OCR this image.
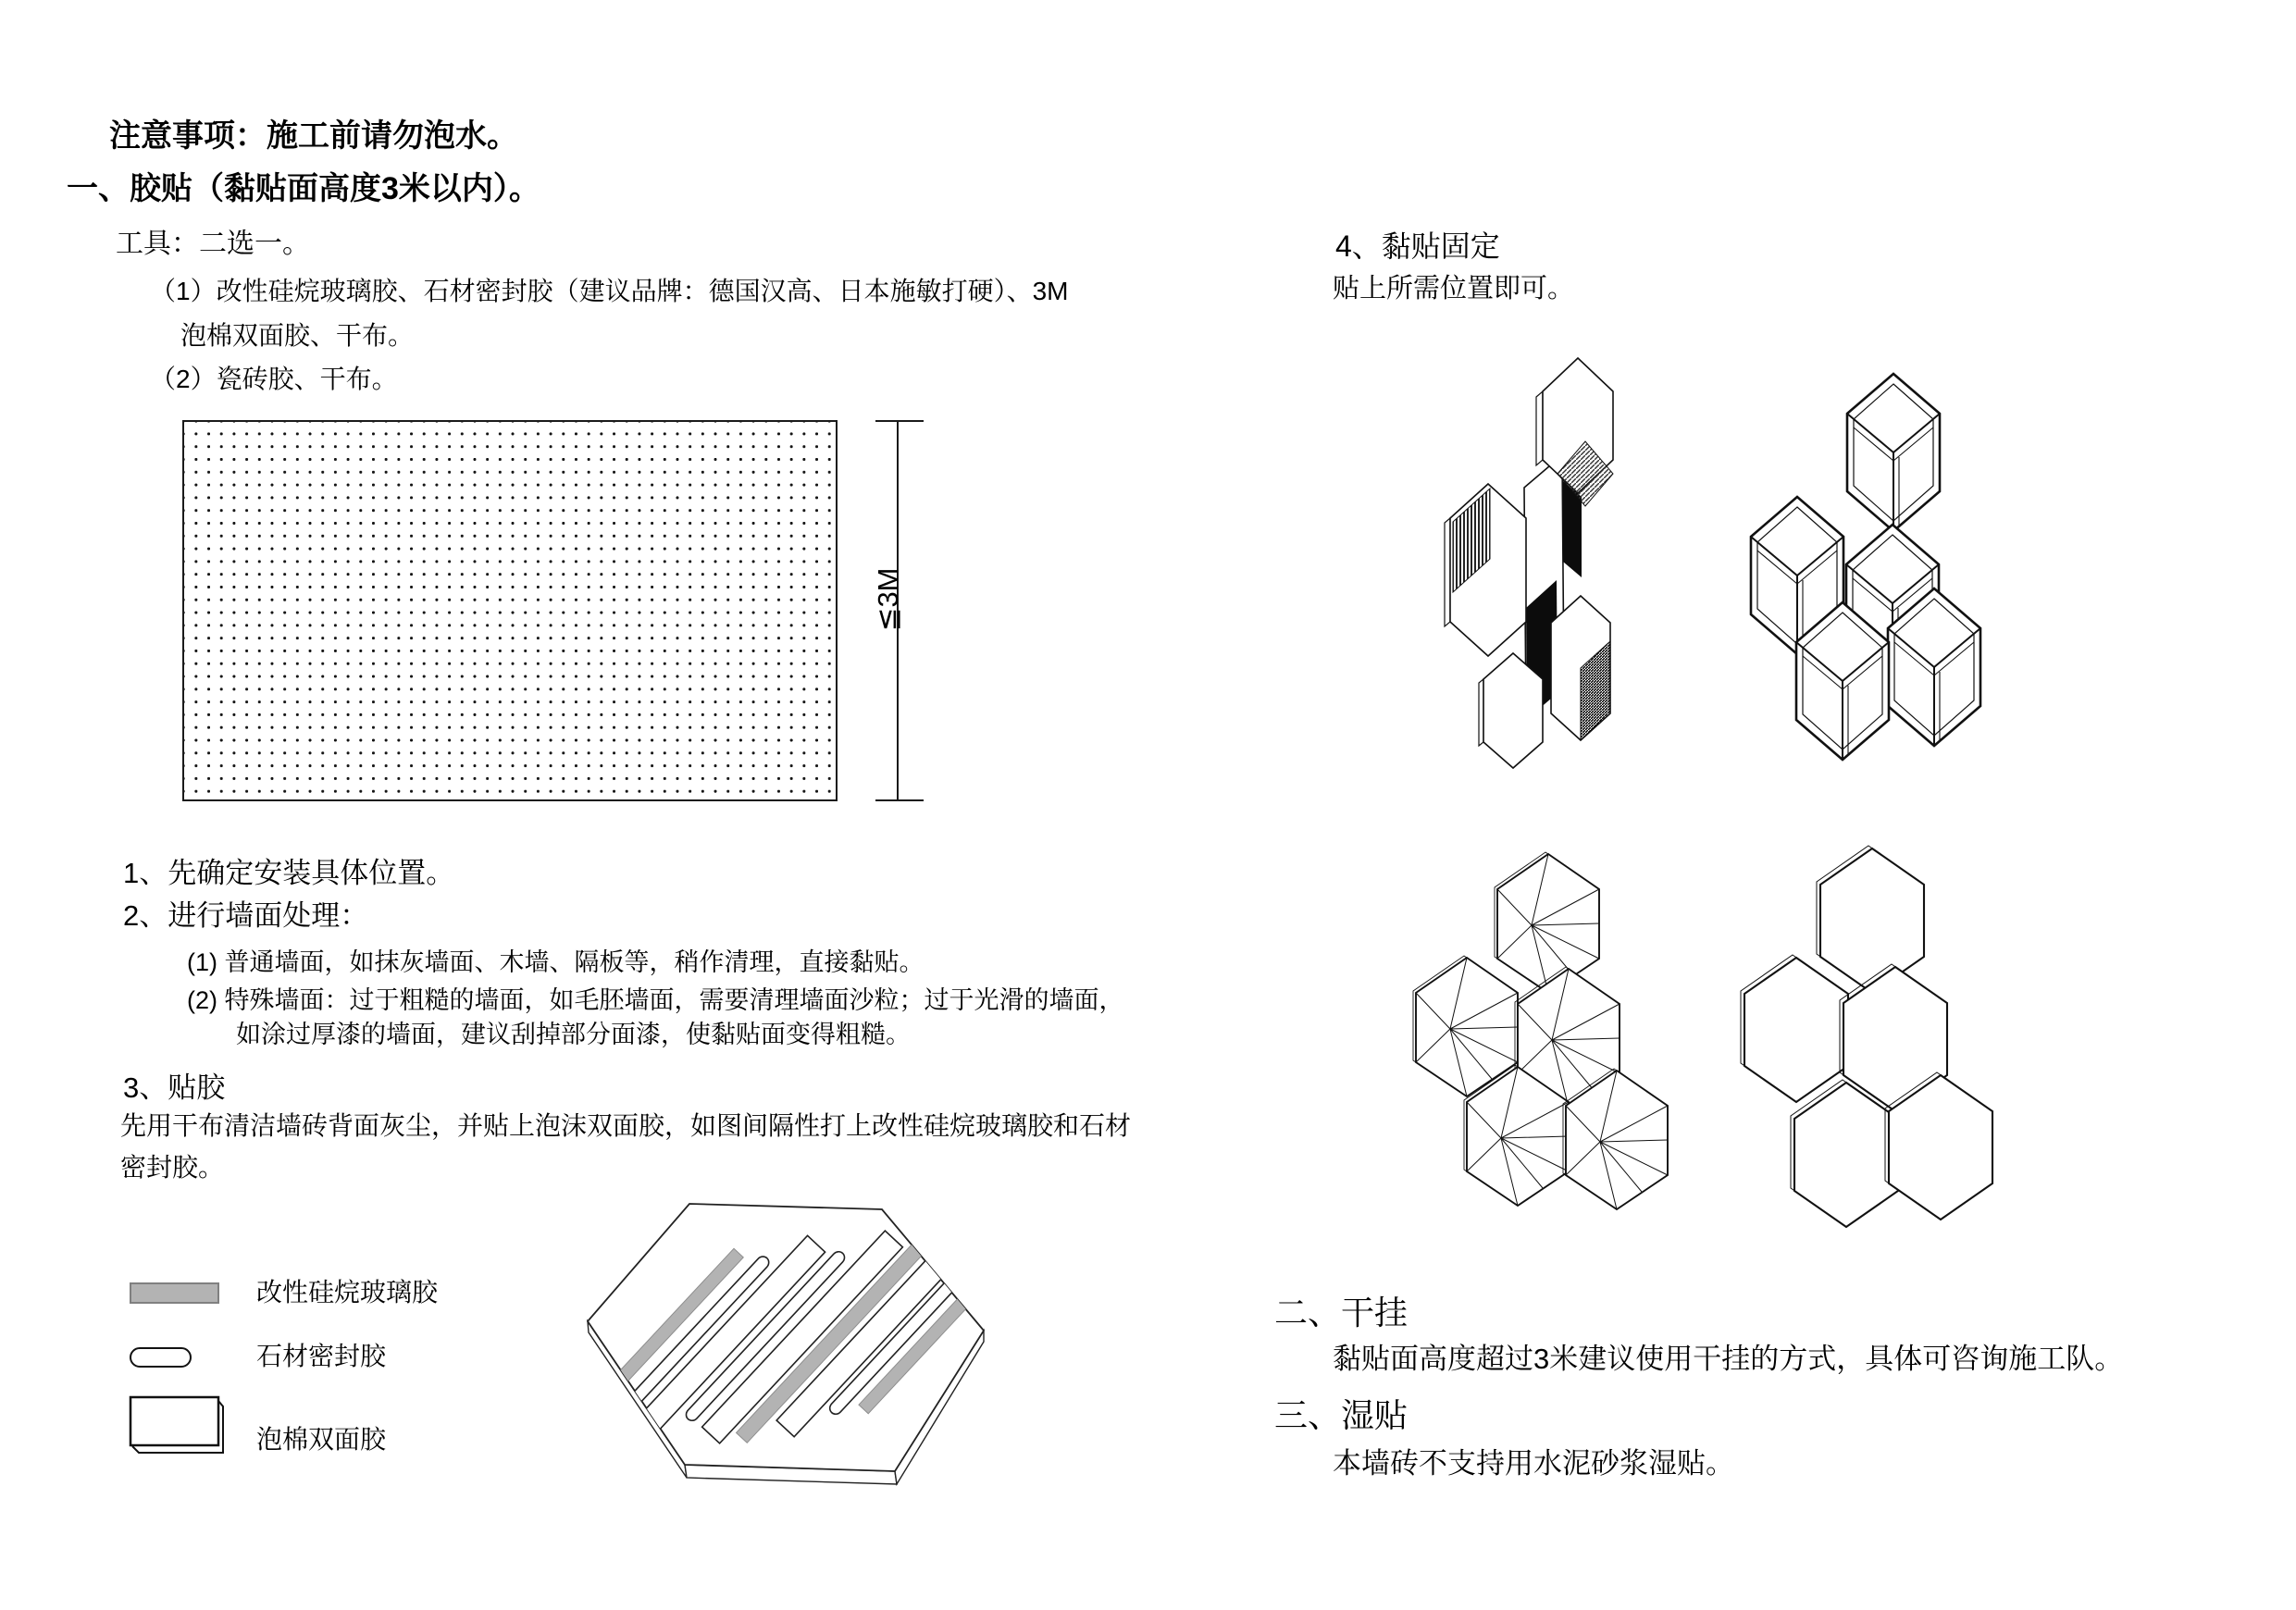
注意事项：施工前请勿泡水。
一、胶贴（黏贴面高度3米以内）。
工具：二选一。
（1）改性硅烷玻璃胶、石材密封胶（建议品牌：德国汉高、日本施敏打硬）、3M
泡棉双面胶、干布。
（2）瓷砖胶、干布。
≦3M
1、先确定安装具体位置。
2、进行墙面处理：
(1) 普通墙面，如抹灰墙面、木墙、隔板等，稍作清理，直接黏贴。
(2) 特殊墙面：过于粗糙的墙面，如毛胚墙面，需要清理墙面沙粒；过于光滑的墙面，
如涂过厚漆的墙面，建议刮掉部分面漆，使黏贴面变得粗糙。
3、贴胶
先用干布清洁墙砖背面灰尘，并贴上泡沫双面胶，如图间隔性打上改性硅烷玻璃胶和石材
密封胶。
改性硅烷玻璃胶
石材密封胶
泡棉双面胶
4、黏贴固定
贴上所需位置即可。
二、干挂
黏贴面高度超过3米建议使用干挂的方式，具体可咨询施工队。
三、湿贴
本墙砖不支持用水泥砂浆湿贴。
